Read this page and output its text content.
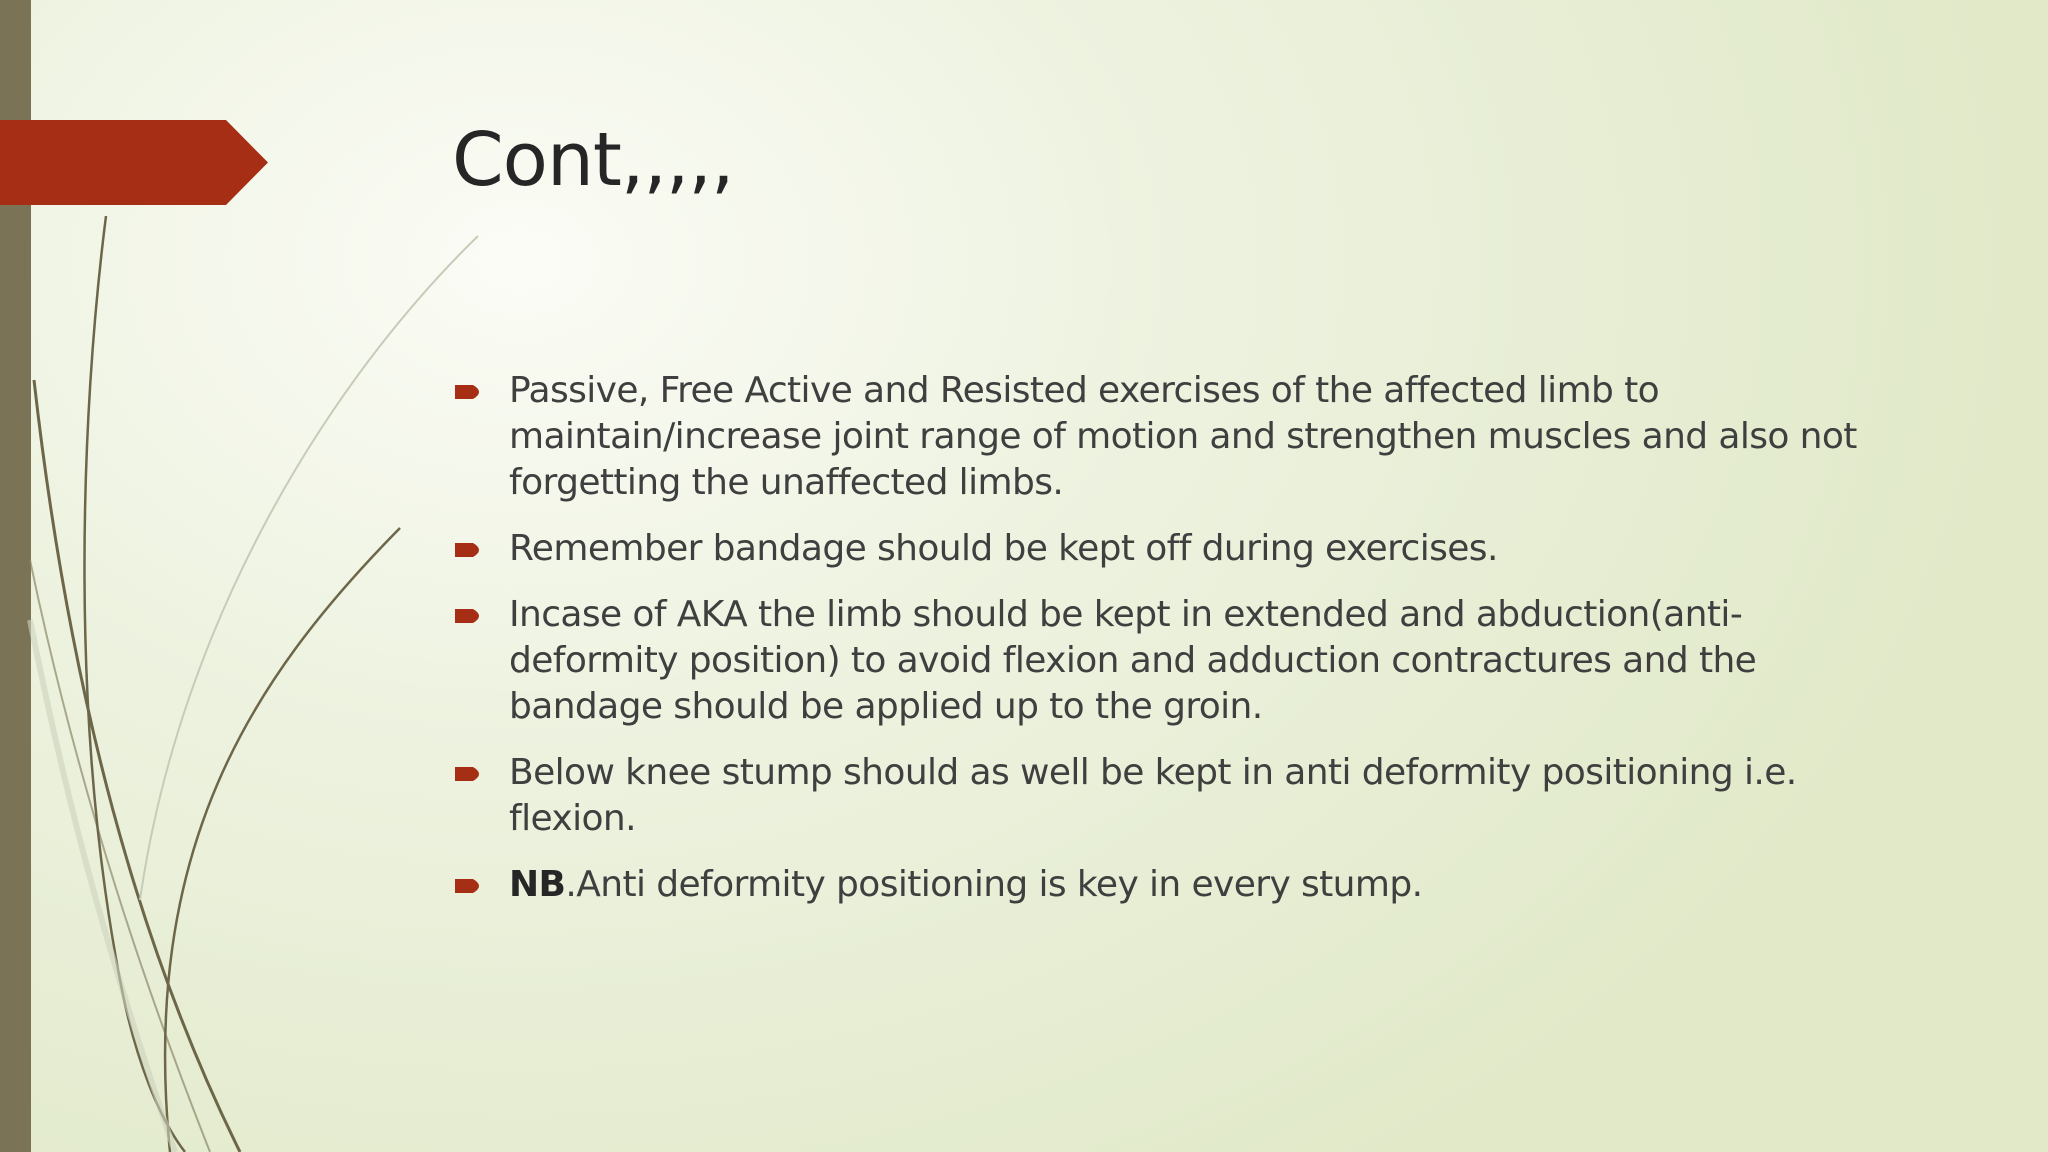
Cont,,,,,
Passive, Free Active and Resisted exercises of the affected limb to maintain/increase joint range of motion and strengthen muscles and also not forgetting the unaffected limbs.
Remember bandage should be kept off during exercises.
Incase of AKA the limb should be kept in extended and abduction(anti-deformity position) to avoid flexion and adduction contractures and the bandage should be applied up to the groin.
Below knee stump should as well be kept in anti deformity positioning i.e. flexion.
NB.Anti deformity positioning is key in every stump.
